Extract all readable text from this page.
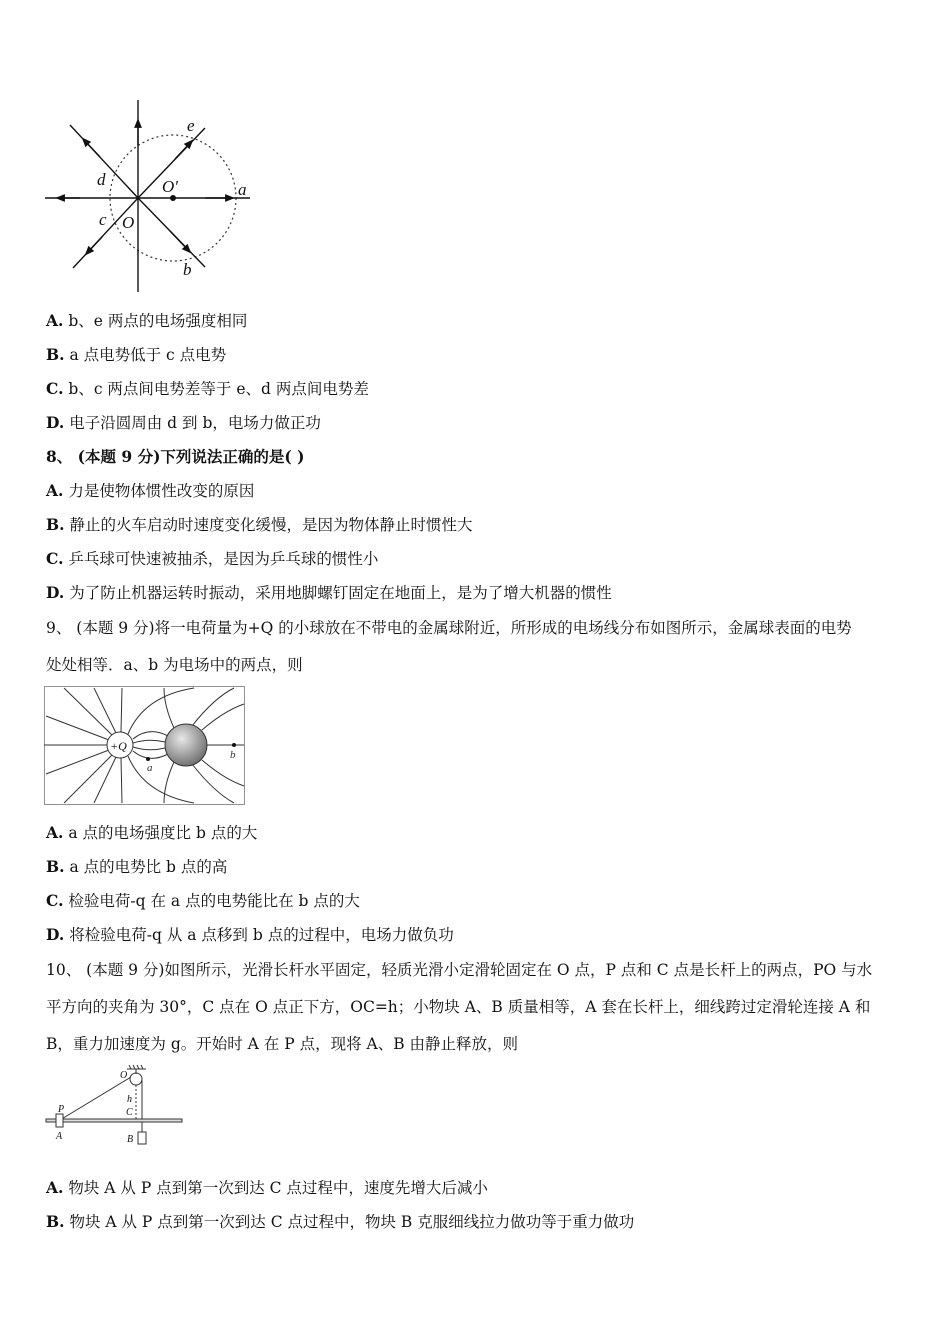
e
d	O′	a
c O
b
A. b、e 两点的电场强度相同
B. a 点电势低于 c 点电势
C. b、c 两点间电势差等于 e、d 两点间电势差
D. 电子沿圆周由 d 到 b，电场力做正功
8、 (本题 9 分)下列说法正确的是( )
A. 力是使物体惯性改变的原因
B. 静止的火车启动时速度变化缓慢，是因为物体静止时惯性大
C. 乒乓球可快速被抽杀，是因为乒乓球的惯性小
D. 为了防止机器运转时振动，采用地脚螺钉固定在地面上，是为了增大机器的惯性
9、 (本题 9 分)将一电荷量为+Q 的小球放在不带电的金属球附近，所形成的电场线分布如图所示，金属球表面的电势
处处相等．a、b 为电场中的两点，则
+Q
a
b
A. a 点的电场强度比 b 点的大
B. a 点的电势比 b 点的高
C. 检验电荷-q 在 a 点的电势能比在 b 点的大
D. 将检验电荷-q 从 a 点移到 b 点的过程中，电场力做负功
10、 (本题 9 分)如图所示，光滑长杆水平固定，轻质光滑小定滑轮固定在 O 点，P 点和 C 点是长杆上的两点，PO 与水
平方向的夹角为 30°，C 点在 O 点正下方，OC=h；小物块 A、B 质量相等，A 套在长杆上，细线跨过定滑轮连接 A 和
B，重力加速度为 g。开始时 A 在 P 点，现将 A、B 由静止释放，则
O
P
h
C
A	B
A. 物块 A 从 P 点到第一次到达 C 点过程中，速度先增大后减小
B. 物块 A 从 P 点到第一次到达 C 点过程中，物块 B 克服细线拉力做功等于重力做功
